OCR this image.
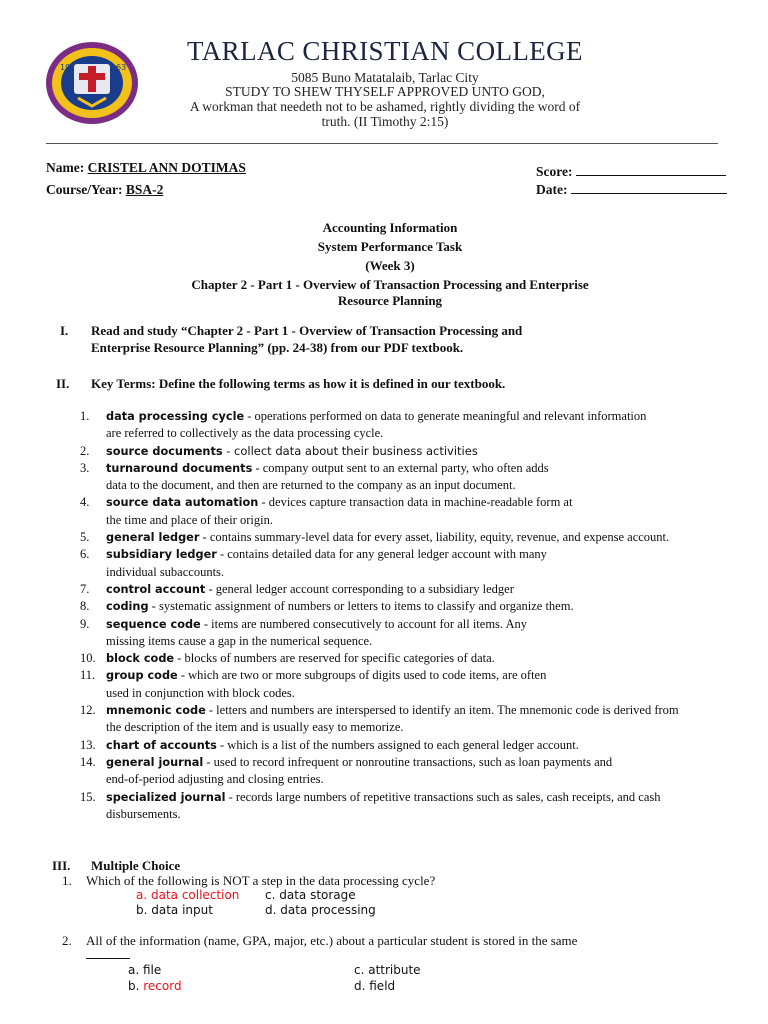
19	63
TARLAC CHRISTIAN COLLEGE
5085 Buno Matatalaib, Tarlac City
STUDY TO SHEW THYSELF APPROVED UNTO GOD,
A workman that needeth not to be ashamed, rightly dividing the word of
truth. (II Timothy 2:15)
Name: CRISTEL ANN DOTIMAS
Course/Year: BSA-2
Score:
Date:
Accounting Information
System Performance Task
(Week 3)
Chapter 2 - Part 1 - Overview of Transaction Processing and Enterprise
Resource Planning
I. Read and study “Chapter 2 - Part 1 - Overview of Transaction Processing and
Enterprise Resource Planning” (pp. 24-38) from our PDF textbook.
II. Key Terms: Define the following terms as how it is defined in our textbook.
1. data processing cycle - operations performed on data to generate meaningful and relevant information
are referred to collectively as the data processing cycle.
2. source documents - collect data about their business activities
3. turnaround documents - company output sent to an external party, who often adds
data to the document, and then are returned to the company as an input document.
4. source data automation - devices capture transaction data in machine-readable form at
the time and place of their origin.
5. general ledger - contains summary-level data for every asset, liability, equity, revenue, and expense account.
6. subsidiary ledger - contains detailed data for any general ledger account with many
individual subaccounts.
7. control account - general ledger account corresponding to a subsidiary ledger
8. coding - systematic assignment of numbers or letters to items to classify and organize them.
9. sequence code - items are numbered consecutively to account for all items. Any
missing items cause a gap in the numerical sequence.
10. block code - blocks of numbers are reserved for specific categories of data.
11. group code - which are two or more subgroups of digits used to code items, are often
used in conjunction with block codes.
12. mnemonic code - letters and numbers are interspersed to identify an item. The mnemonic code is derived from
the description of the item and is usually easy to memorize.
13. chart of accounts - which is a list of the numbers assigned to each general ledger account.
14. general journal - used to record infrequent or nonroutine transactions, such as loan payments and
end-of-period adjusting and closing entries.
15. specialized journal - records large numbers of repetitive transactions such as sales, cash receipts, and cash
disbursements.
III. Multiple Choice
1. Which of the following is NOT a step in the data processing cycle?
a. data collection c. data storage
b. data input	d. data processing
2. All of the information (name, GPA, major, etc.) about a particular student is stored in the same
a. file	c. attribute
b. record	d. field
